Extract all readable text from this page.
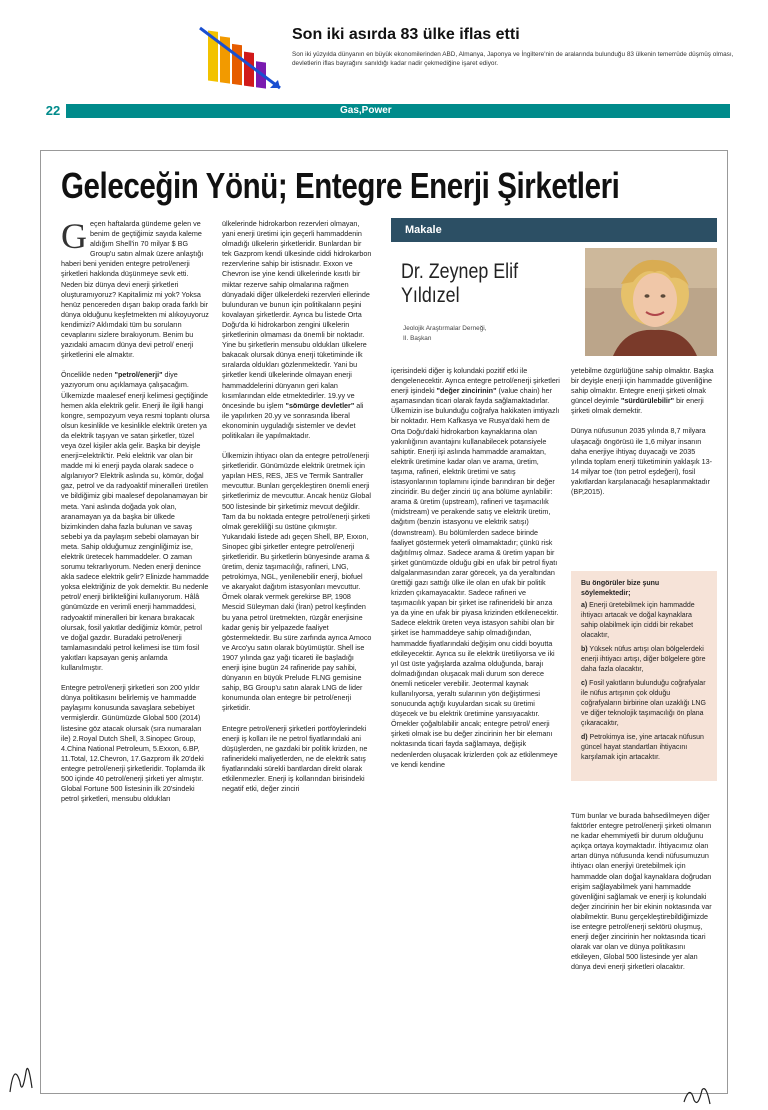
Son iki asırda 83 ülke iflas etti
Son iki yüzyılda dünyanın en büyük ekonomilerinden ABD, Almanya, Japonya ve İngiltere'nin de aralarında bulunduğu 83 ülkenin temerrüde düşmüş olması, devletlerin iflas bayrağını sanıldığı kadar nadir çekmediğine işaret ediyor.
22	Gas,Power
Geleceğin Yönü; Entegre Enerji Şirketleri

Geçen haftalarda gündeme gelen ve benim de geçtiğimiz sayıda kaleme aldığım Shell'in 70 milyar $ BG Group'u satın almak üzere anlaştığı haberi beni yeniden entegre petrol/enerji şirketleri hakkında düşünmeye sevk etti. Neden biz dünya devi enerji şirketleri oluşturamıyoruz? Kapitalimiz mi yok? Yoksa henüz pencereden dışarı bakıp orada farklı bir dünya olduğunu keşfetmekten mi alıkoyuyoruz kendimizi? Aklımdaki tüm bu soruların cevaplarını sizlere bırakıyorum. Benim bu yazıdaki amacım dünya devi petrol/ enerji şirketlerini ele almaktır.

Öncelikle neden "petrol/enerji" diye yazıyorum onu açıklamaya çalışacağım. Ülkemizde maalesef enerji kelimesi geçtiğinde hemen akla elektrik gelir. Enerji ile ilgili hangi kongre, sempozyum veya resmi toplantı olursa olsun kesinlikle ve kesinlikle elektrik üreten ya da elektrik taşıyan ve satan şirketler, tüzel veya özel kişiler akla gelir. Başka bir deyişle enerji=elektrik'tir. Peki elektrik var olan bir madde mi ki enerji payda olarak sadece o algılanıyor? Elektrik aslında su, kömür, doğal gaz, petrol ve da radyoaktif mineralleri üretilen ve bildiğimiz gibi maalesef depolanamayan bir meta. Yani aslında doğada yok olan, aranamayan ya da başka bir ülkede bizimkinden daha fazla bulunan ve savaş sebebi ya da paylaşım sebebi olamayan bir meta. Sahip olduğumuz zenginliğimiz ise, elektrik üretecek hammaddeler. O zaman sorumu tekrarlıyorum. Neden enerji denince akla sadece elektrik gelir? Elinizde hammadde yoksa elektriğiniz de yok demektir. Bu nedenle petrol/ enerji birlikteliğini kullanıyorum. Hâlâ günümüzde en verimli enerji hammaddesi, radyoaktif mineralleri bir kenara bırakacak olursak, fosil yakıtlar dediğimiz kömür, petrol ve doğal gazdır. Buradaki petrol/enerji tamlamasındaki petrol kelimesi ise tüm fosil yakıtları kapsayan geniş anlamda kullanılmıştır.

Entegre petrol/enerji şirketleri son 200 yıldır dünya politikasını belirlemiş ve hammadde paylaşımı konusunda savaşlara sebebiyet vermişlerdir. Günümüzde Global 500 (2014) listesine göz atacak olursak (sıra numaraları ile) 2.Royal Dutch Shell, 3.Sinopec Group, 4.China National Petroleum, 5.Exxon, 6.BP, 11.Total, 12.Chevron, 17.Gazprom ilk 20'deki entegre petrol/enerji şirketleridir. Toplamda ilk 500 içinde 40 petrol/enerji şirketi yer almıştır. Global Fortune 500 listesinin ilk 20'sindeki petrol şirketleri, mensubu oldukları

ülkelerinde hidrokarbon rezervleri olmayan, yani enerji üretimi için geçerli hammaddenin olmadığı ülkelerin şirketleridir. Bunlardan bir tek Gazprom kendi ülkesinde ciddi hidrokarbon rezervlerine sahip bir istisnadır. Exxon ve Chevron ise yine kendi ülkelerinde kısıtlı bir miktar rezerve sahip olmalarına rağmen dünyadaki diğer ülkelerdeki rezervleri ellerinde bulunduran ve bunun için politikaların peşini kovalayan şirketlerdir. Ayrıca bu listede Orta Doğu'da ki hidrokarbon zengini ülkelerin şirketlerinin olmaması da önemli bir noktadır. Yine bu şirketlerin mensubu oldukları ülkelere bakacak olursak dünya enerji tüketiminde ilk sıralarda oldukları gözlenmektedir. Yani bu şirketler kendi ülkelerinde olmayan enerji hammaddelerini dünyanın geri kalan kısımlarından elde etmektedirler. 19.yy ve öncesinde bu işlem "sömürge devletler" ali ile yapılırken 20.yy ve sonrasında liberal ekonominin uyguladığı sistemler ve devlet politikaları ile yapılmaktadır.

Ülkemizin ihtiyacı olan da entegre petrol/enerji şirketleridir. Günümüzde elektrik üretmek için yapılan HES, RES, JES ve Termik Santraller mevcuttur. Bunları gerçekleştiren önemli enerji şirketlerimiz de mevcuttur. Ancak henüz Global 500 listesinde bir şirketimiz mevcut değildir. Tam da bu noktada entegre petrol/enerji şirketi olmak gerekliliği su üstüne çıkmıştır. Yukarıdaki listede adı geçen Shell, BP, Exxon, Sinopec gibi şirketler entegre petrol/enerji şirketleridir. Bu şirketlerin bünyesinde arama & üretim, deniz taşımacılığı, rafineri, LNG, petrokimya, NGL, yenilenebilir enerji, biofuel ve akaryakıt dağıtım istasyonları mevcuttur. Örnek olarak vermek gerekirse BP, 1908 Mescid Süleyman daki (İran) petrol keşfinden bu yana petrol üretmekten, rüzgâr enerjisine kadar geniş bir yelpazede faaliyet göstermektedir. Bu süre zarfında ayrıca Amoco ve Arco'yu satın olarak büyümüştür. Shell ise 1907 yılında gaz yağı ticareti ile başladığı enerji işine bugün 24 rafineride pay sahibi, dünyanın en büyük Prelude FLNG gemisine sahip, BG Group'u satın alarak LNG de lider konumunda olan entegre bir petrol/enerji şirketidir.

Entegre petrol/enerji şirketleri portföylerindeki enerji iş kolları ile ne petrol fiyatlarındaki ani düşüşlerden, ne gazdaki bir politik krizden, ne rafinerideki maliyetlerden, ne de elektrik satış fiyatlarındaki sürekli bantlardan direkt olarak etkilenmezler. Enerji iş kollarından birisindeki negatif etki, değer zinciri

Makale
Dr. Zeynep Elif Yıldızel
Jeolojik Araştırmalar Derneği,
II. Başkan

içerisindeki diğer iş kolundaki pozitif etki ile dengelenecektir. Ayrıca entegre petrol/enerji şirketleri enerji işindeki "değer zincirinin" (value chain) her aşamasından ticari olarak fayda sağlamaktadırlar. Ülkemizin ise bulunduğu coğrafya hakikaten imtiyazlı bir noktadır. Hem Kafkasya ve Rusya'daki hem de Orta Doğu'daki hidrokarbon kaynaklarına olan yakınlığının avantajını kullanabilecek potansiyele sahiptir. Enerji işi aslında hammadde aramaktan, elektrik üretimine kadar olan ve arama, üretim, taşıma, rafineri, elektrik üretimi ve satış istasyonlarının toplamını içinde barındıran bir değer zinciridir. Bu değer zinciri üç ana bölüme ayrılabilir: arama & üretim (upstream), rafineri ve taşımacılık (midstream) ve perakende satış ve elektrik üretim, dağıtım (benzin istasyonu ve elektrik satışı) (downstream). Bu bölümlerden sadece birinde faaliyet göstermek yeterli olmamaktadır; çünkü risk dağıtılmış olmaz. Sadece arama & üretim yapan bir şirket günümüzde olduğu gibi en ufak bir petrol fiyatı dalgalanmasından zarar görecek, ya da yeraltından ürettiği gazı sattığı ülke ile olan en ufak bir politik krizden çıkamayacaktır. Sadece rafineri ve taşımacılık yapan bir şirket ise rafinerideki bir arıza ya da yine en ufak bir piyasa krizinden etkilenecektir. Sadece elektrik üreten veya istasyon sahibi olan bir şirket ise hammaddeye sahip olmadığından, hammadde fiyatlarındaki değişim onu ciddi boyutta etkileyecektir. Ayrıca su ile elektrik üretiliyorsa ve iki yıl üst üste yağışlarda azalma olduğunda, barajı dolmadığından oluşacak mali durum son derece önemli neticeler verebilir. Jeotermal kaynak kullanılıyorsa, yeraltı sularının yön değiştirmesi sonucunda açtığı kuyulardan sıcak su üretimi düşecek ve bu elektrik üretimine yansıyacaktır. Örnekler çoğaltılabilir ancak; entegre petrol/ enerji şirketi olmak ise bu değer zincirinin her bir elemanı noktasında ticari fayda sağlamaya, değişik nedenlerden oluşacak krizlerden çok az etkilenmeye ve kendi kendine

yetebilme özgürlüğüne sahip olmaktır. Başka bir deyişle enerji için hammadde güvenliğine sahip olmaktır. Entegre enerji şirketi olmak güncel deyimle "sürdürülebilir" bir enerji şirketi olmak demektir.

Dünya nüfusunun 2035 yılında 8,7 milyara ulaşacağı öngörüsü ile 1,6 milyar insanın daha enerjiye ihtiyaç duyacağı ve 2035 yılında toplam enerji tüketiminin yaklaşık 13-14 milyar toe (ton petrol eşdeğeri), fosil yakıtlardan karşılanacağı hesaplanmaktadır (BP,2015).

Bu öngörüler bize şunu söylemektedir;

a) Enerji üretebilmek için hammadde ihtiyacı artacak ve doğal kaynaklara sahip olabilmek için ciddi bir rekabet olacaktır,

b) Yüksek nüfus artışı olan bölgelerdeki enerji ihtiyacı artışı, diğer bölgelere göre daha fazla olacaktır,

c) Fosil yakıtların bulunduğu coğrafyalar ile nüfus artışının çok olduğu coğrafyaların birbirine olan uzaklığı LNG ve diğer teknolojik taşımacılığı ön plana çıkaracaktır,

d) Petrokimya ise, yine artacak nüfusun güncel hayat standartları ihtiyacını karşılamak için artacaktır.

Tüm bunlar ve burada bahsedilmeyen diğer faktörler entegre petrol/enerji şirketi olmanın ne kadar ehemmiyetli bir durum olduğunu açıkça ortaya koymaktadır. İhtiyacımız olan artan dünya nüfusunda kendi nüfusumuzun ihtiyacı olan enerjiyi üretebilmek için hammadde olan doğal kaynaklara doğrudan erişim sağlayabilmek yani hammadde güvenliğini sağlamak ve enerji iş kolundaki değer zincirinin her bir ekinin noktasında var olabilmektir. Bunu gerçekleştirebildiğimizde ise entegre petrol/enerji sektörü oluşmuş, enerji değer zincirinin her noktasında ticari olarak var olan ve dünya politikasını etkileyen, Global 500 listesinde yer alan dünya devi enerji şirketleri olacaktır.
